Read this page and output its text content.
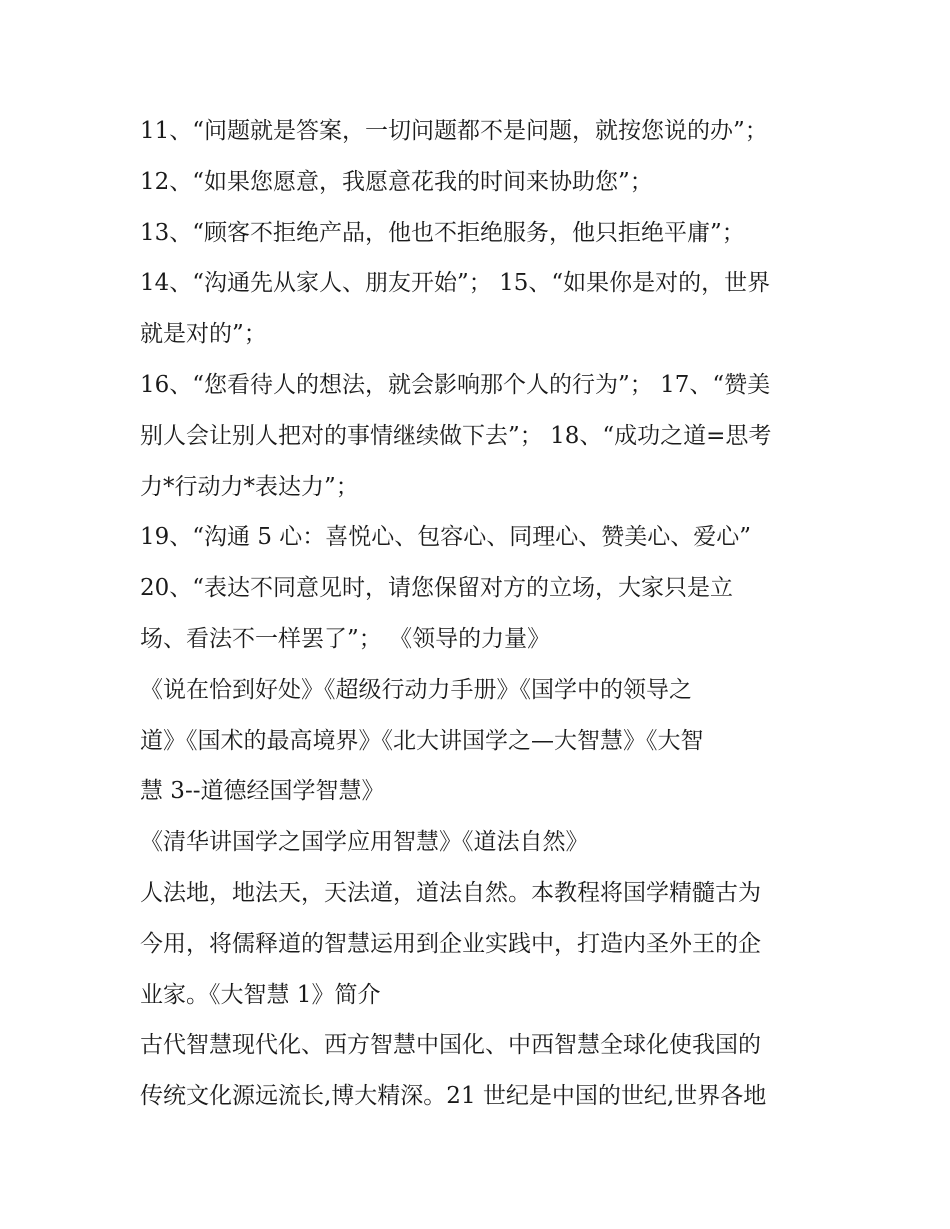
11、“问题就是答案，一切问题都不是问题，就按您说的办”；
12、“如果您愿意，我愿意花我的时间来协助您”；
13、“顾客不拒绝产品，他也不拒绝服务，他只拒绝平庸”；
14、“沟通先从家人、朋友开始”； 15、“如果你是对的，世界
就是对的”；
16、“您看待人的想法，就会影响那个人的行为”； 17、“赞美
别人会让别人把对的事情继续做下去”； 18、“成功之道=思考
力*行动力*表达力”；
19、“沟通 5 心：喜悦心、包容心、同理心、赞美心、爱心”
20、“表达不同意见时，请您保留对方的立场，大家只是立
场、看法不一样罢了”； 《领导的力量》
《说在恰到好处》《超级行动力手册》《国学中的领导之
道》《国术的最高境界》《北大讲国学之—大智慧》《大智
慧 3--道德经国学智慧》
《清华讲国学之国学应用智慧》《道法自然》
人法地，地法天，天法道，道法自然。本教程将国学精髓古为
今用，将儒释道的智慧运用到企业实践中，打造内圣外王的企
业家。《大智慧 1》简介
古代智慧现代化、西方智慧中国化、中西智慧全球化使我国的
传统文化源远流长,博大精深。21 世纪是中国的世纪,世界各地
